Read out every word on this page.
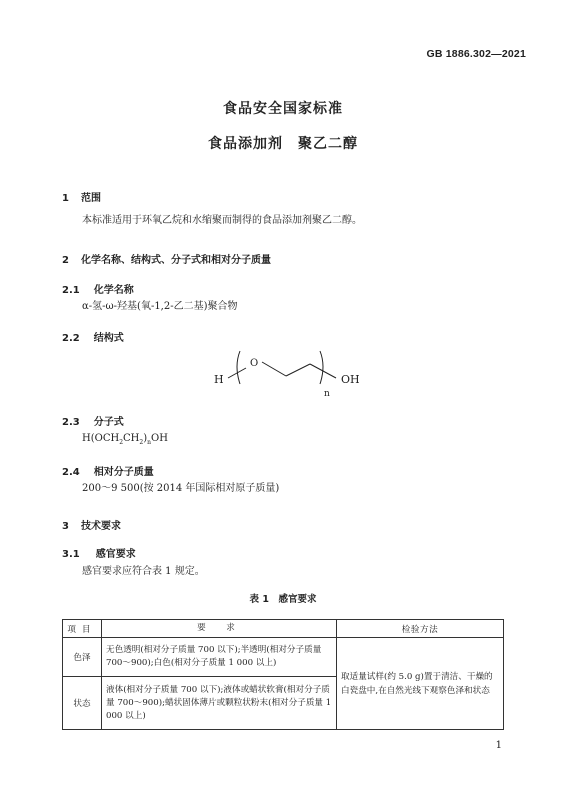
GB 1886.302—2021
食品安全国家标准
食品添加剂　聚乙二醇
1 范围
本标准适用于环氧乙烷和水缩聚而制得的食品添加剂聚乙二醇。
2 化学名称、结构式、分子式和相对分子质量
2.1 化学名称
α-氢-ω-羟基(氧-1,2-乙二基)聚合物
2.2 结构式
H
O
OH
n
2.3 分子式
$H(OCH_2CH_2)_nOH$
2.4 相对分子质量
200～9 500(按 2014 年国际相对原子质量)
3 技术要求
3.1 感官要求
感官要求应符合表 1 规定。
表 1　感官要求
项目	要　求	检验方法
色泽	无色透明(相对分子质量 700 以下);半透明(相对分子质量 700～900);白色(相对分子质量 1 000 以上)	取适量试样(约 5.0 g)置于清洁、干燥的白瓷盘中,在自然光线下观察色泽和状态
状态	液体(相对分子质量 700 以下);液体或蜡状软膏(相对分子质量 700～900);蜡状固体薄片或颗粒状粉末(相对分子质量 1 000 以上)	
1
